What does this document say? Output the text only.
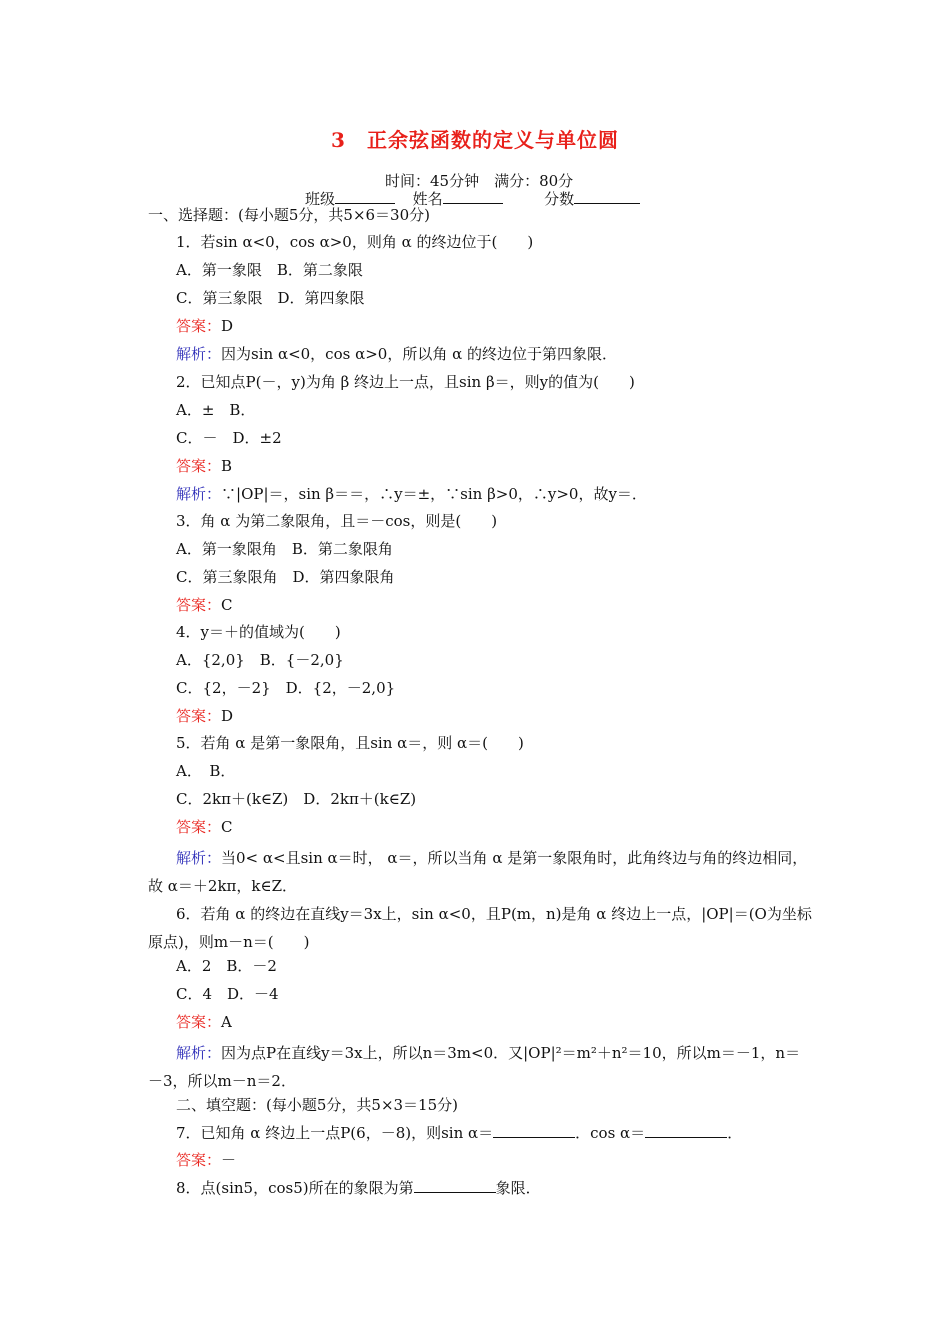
3　正余弦函数的定义与单位圆
时间：45分钟　满分：80分
班级	姓名	分数
一、选择题：(每小题5分，共5×6＝30分)
1．若sin α<0，cos α>0，则角 α 的终边位于(　　)
A．第一象限　B．第二象限
C．第三象限　D．第四象限
答案：D
解析：因为sin α<0，cos α>0，所以角 α 的终边位于第四象限．
2．已知点P(－，y)为角 β 终边上一点，且sin β＝，则y的值为(　　)
A．±　B．
C．－　D．±2
答案：B
解析：∵|OP|＝，sin β＝＝，∴y＝±，∵sin β>0，∴y>0，故y＝．
3．角 α 为第二象限角，且＝－cos，则是(　　)
A．第一象限角　B．第二象限角
C．第三象限角　D．第四象限角
答案：C
4．y＝＋的值域为(　　)
A．{2,0}　B．{－2,0}
C．{2，－2}　D．{2，－2,0}
答案：D
5．若角 α 是第一象限角，且sin α＝，则 α＝(　　)
A．　B．
C．2kπ＋(k∈Z)　D．2kπ＋(k∈Z)
答案：C
解析：当0< α<且sin α＝时， α＝，所以当角 α 是第一象限角时，此角终边与角的终边相同，故 α＝＋2kπ，k∈Z．
6．若角 α 的终边在直线y＝3x上，sin α<0，且P(m，n)是角 α 终边上一点，|OP|＝(O为坐标原点)，则m－n＝(　　)
A．2　B．－2
C．4　D．－4
答案：A
解析：因为点P在直线y＝3x上，所以n＝3m<0．又|OP|²＝m²＋n²＝10，所以m＝－1，n＝－3，所以m－n＝2．
二、填空题：(每小题5分，共5×3＝15分)
7．已知角 α 终边上一点P(6，－8)，则sin α＝	．cos α＝	．
答案：－
8．点(sin5，cos5)所在的象限为第	象限．
